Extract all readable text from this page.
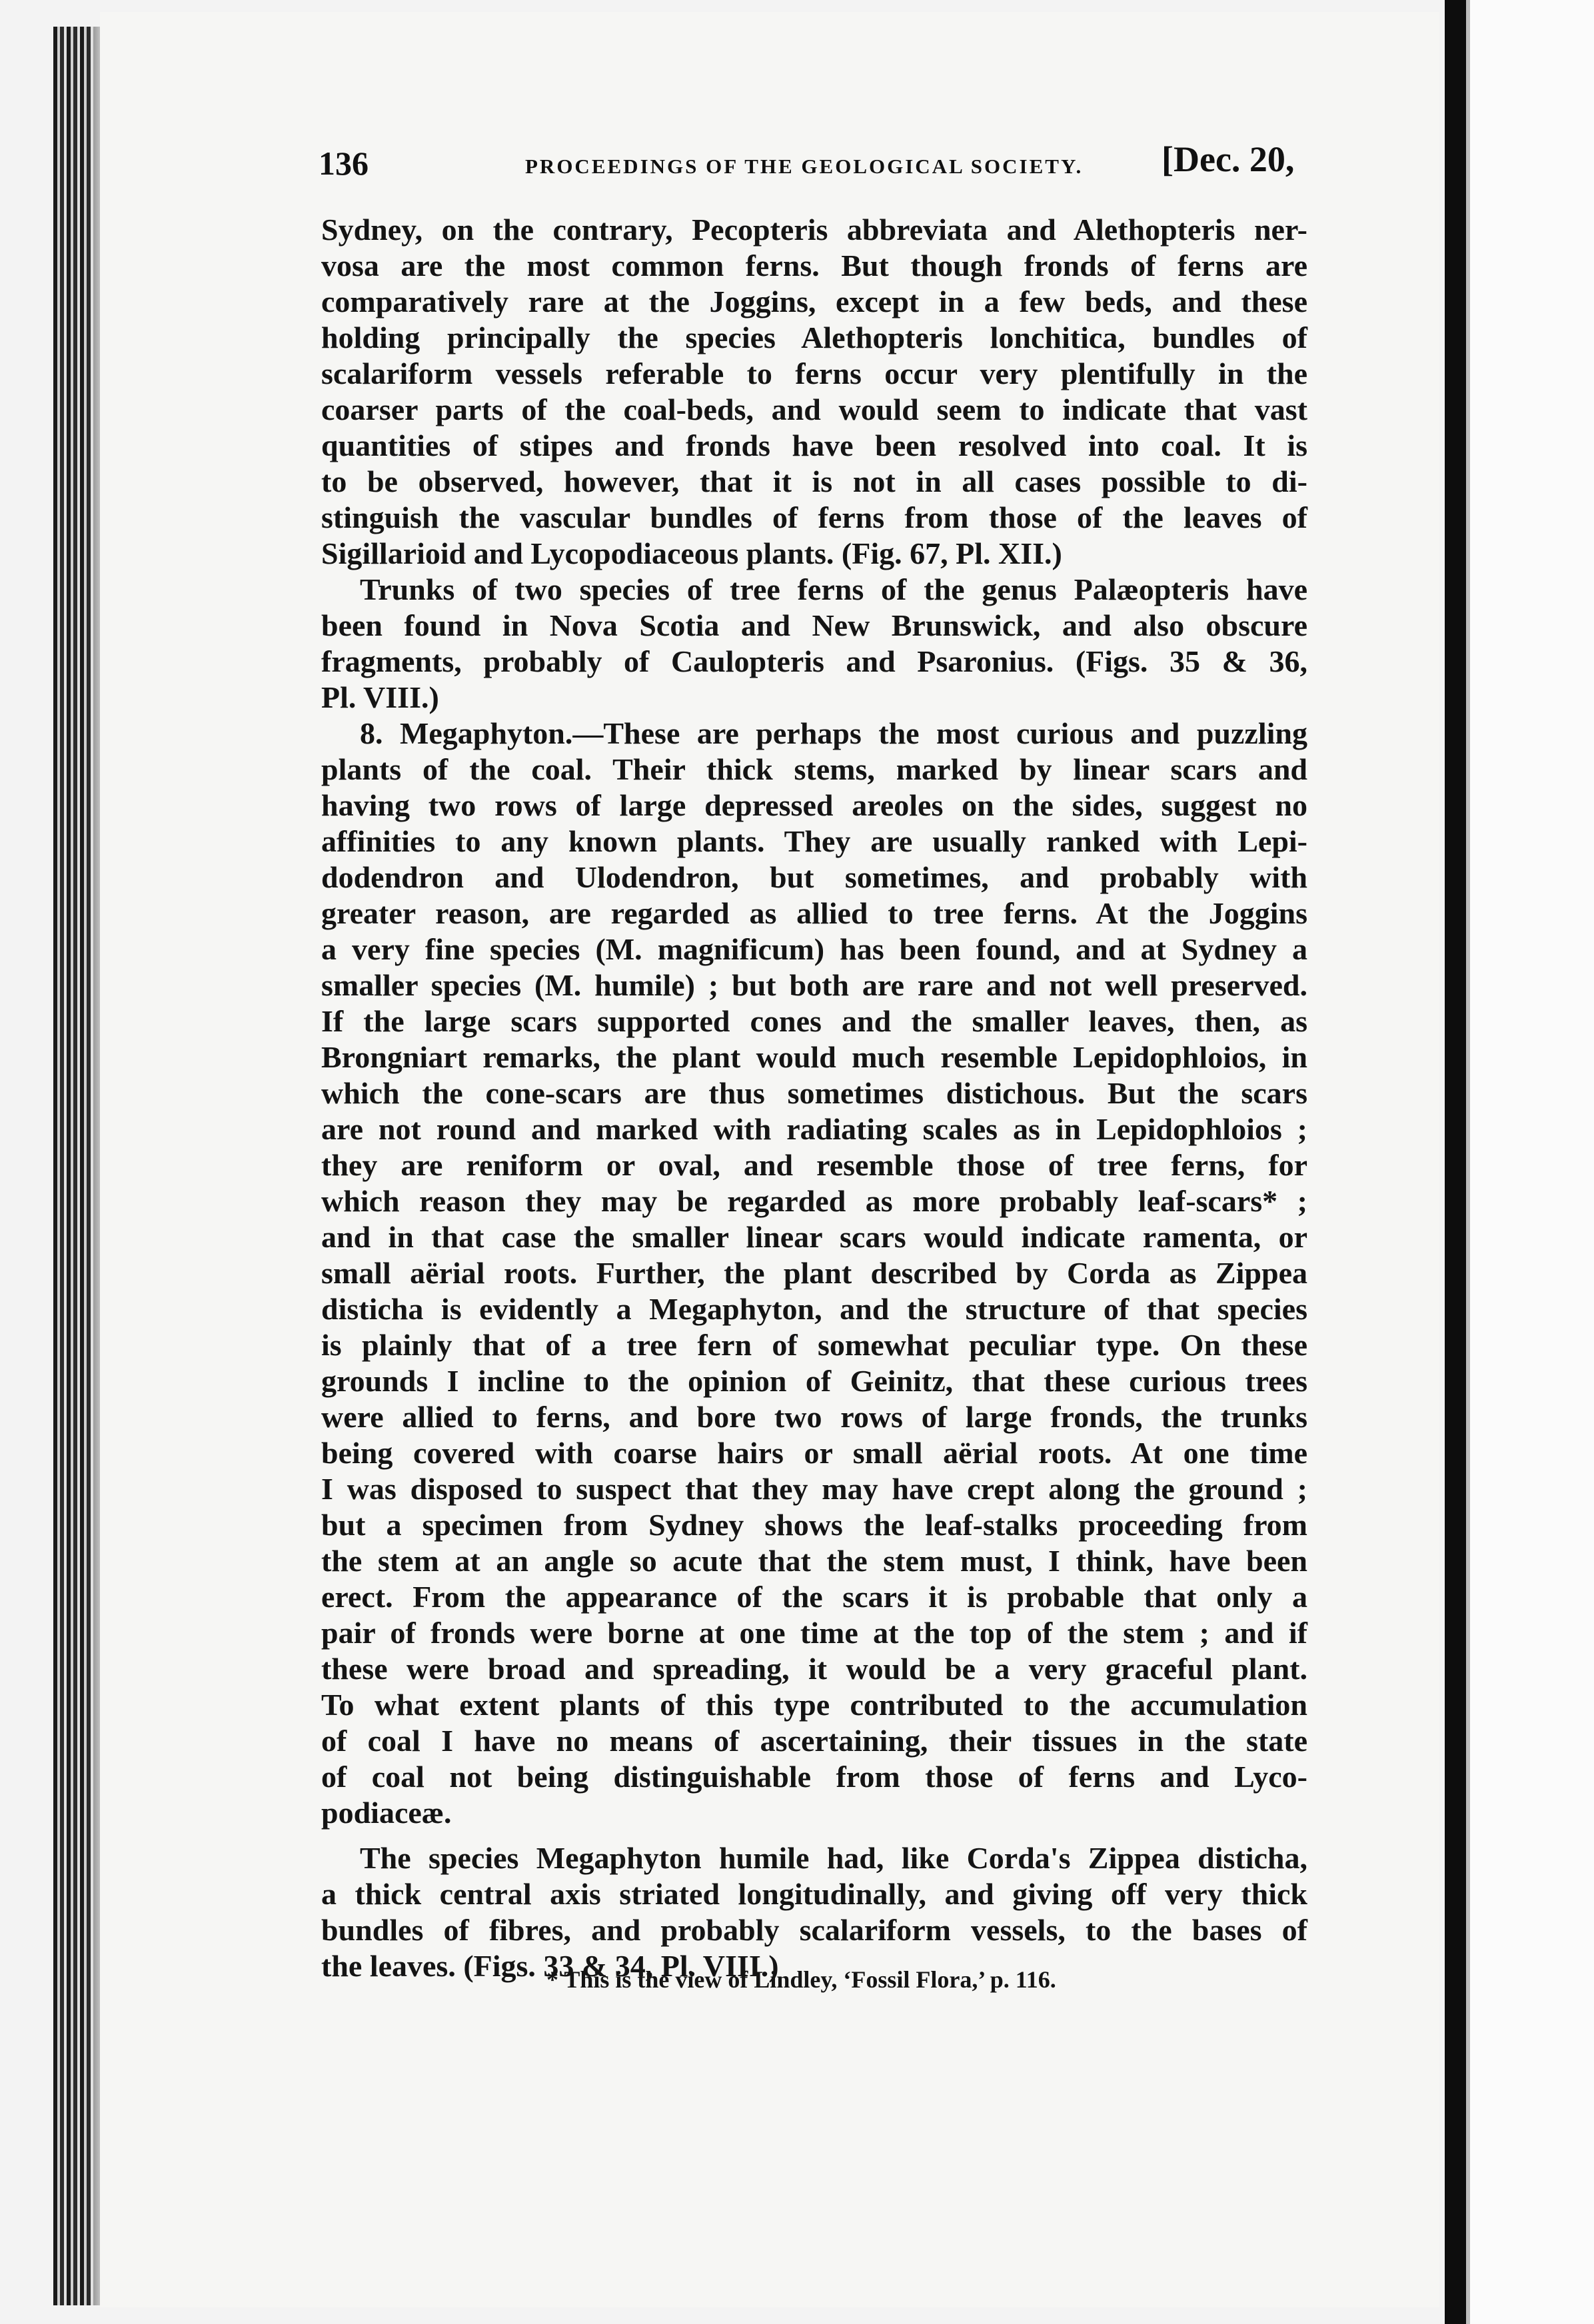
136	PROCEEDINGS OF THE GEOLOGICAL SOCIETY. [Dec. 20,
Sydney, on the contrary, Pecopteris abbreviata and Alethopteris ner-
vosa are the most common ferns. But though fronds of ferns are
comparatively rare at the Joggins, except in a few beds, and these
holding principally the species Alethopteris lonchitica, bundles of
scalariform vessels referable to ferns occur very plentifully in the
coarser parts of the coal-beds, and would seem to indicate that vast
quantities of stipes and fronds have been resolved into coal. It is
to be observed, however, that it is not in all cases possible to di-
stinguish the vascular bundles of ferns from those of the leaves of
Sigillarioid and Lycopodiaceous plants. (Fig. 67, Pl. XII.)
Trunks of two species of tree ferns of the genus Palæopteris have
been found in Nova Scotia and New Brunswick, and also obscure
fragments, probably of Caulopteris and Psaronius. (Figs. 35 & 36,
Pl. VIII.)
8. Megaphyton.—These are perhaps the most curious and puzzling
plants of the coal. Their thick stems, marked by linear scars and
having two rows of large depressed areoles on the sides, suggest no
affinities to any known plants. They are usually ranked with Lepi-
dodendron and Ulodendron, but sometimes, and probably with
greater reason, are regarded as allied to tree ferns. At the Joggins
a very fine species (M. magnificum) has been found, and at Sydney a
smaller species (M. humile) ; but both are rare and not well preserved.
If the large scars supported cones and the smaller leaves, then, as
Brongniart remarks, the plant would much resemble Lepidophloios, in
which the cone-scars are thus sometimes distichous. But the scars
are not round and marked with radiating scales as in Lepidophloios ;
they are reniform or oval, and resemble those of tree ferns, for
which reason they may be regarded as more probably leaf-scars* ;
and in that case the smaller linear scars would indicate ramenta, or
small aërial roots. Further, the plant described by Corda as Zippea
disticha is evidently a Megaphyton, and the structure of that species
is plainly that of a tree fern of somewhat peculiar type. On these
grounds I incline to the opinion of Geinitz, that these curious trees
were allied to ferns, and bore two rows of large fronds, the trunks
being covered with coarse hairs or small aërial roots. At one time
I was disposed to suspect that they may have crept along the ground ;
but a specimen from Sydney shows the leaf-stalks proceeding from
the stem at an angle so acute that the stem must, I think, have been
erect. From the appearance of the scars it is probable that only a
pair of fronds were borne at one time at the top of the stem ; and if
these were broad and spreading, it would be a very graceful plant.
To what extent plants of this type contributed to the accumulation
of coal I have no means of ascertaining, their tissues in the state
of coal not being distinguishable from those of ferns and Lyco-
podiaceæ.
The species Megaphyton humile had, like Corda's Zippea disticha,
a thick central axis striated longitudinally, and giving off very thick
bundles of fibres, and probably scalariform vessels, to the bases of
the leaves. (Figs. 33 & 34, Pl. VIII.)
* This is the view of Lindley, ‘Fossil Flora,’ p. 116.
